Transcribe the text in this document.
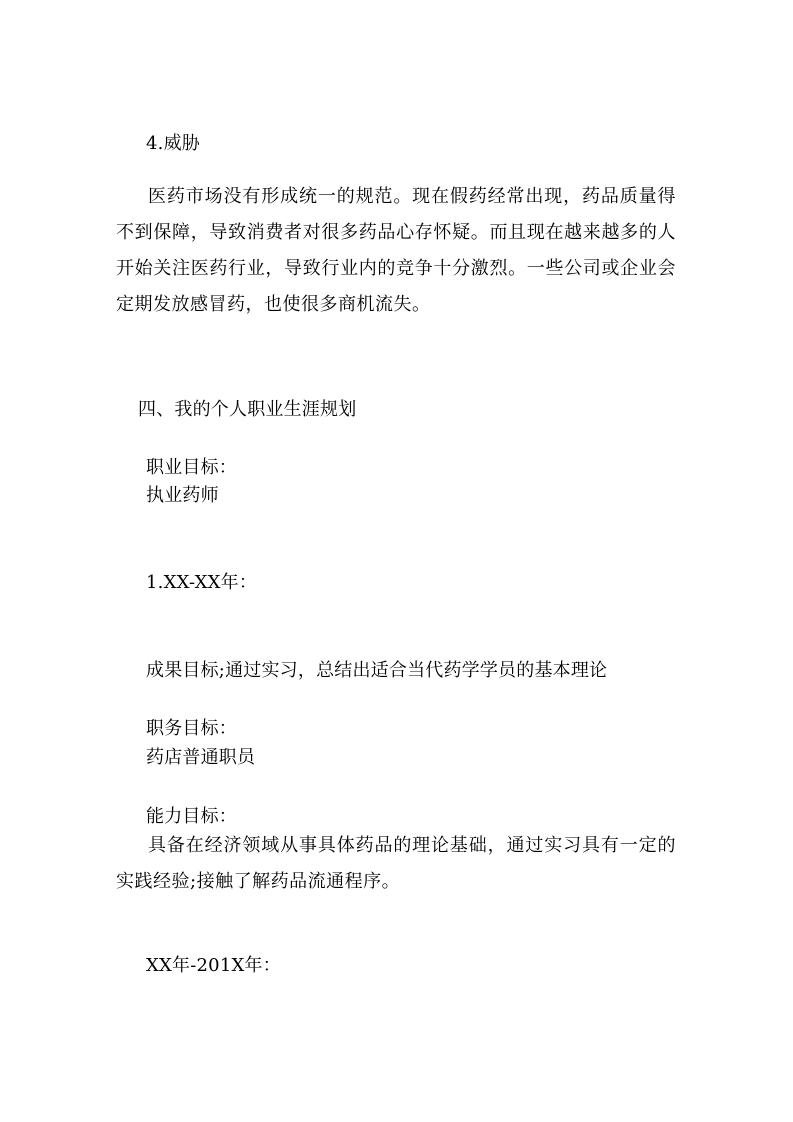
4.威胁
医药市场没有形成统一的规范。现在假药经常出现，药品质量得不到保障，导致消费者对很多药品心存怀疑。而且现在越来越多的人开始关注医药行业，导致行业内的竞争十分激烈。一些公司或企业会定期发放感冒药，也使很多商机流失。
四、我的个人职业生涯规划
职业目标：
执业药师
1.XX-XX年：
成果目标;通过实习，总结出适合当代药学学员的基本理论
职务目标：
药店普通职员
能力目标：
具备在经济领域从事具体药品的理论基础，通过实习具有一定的实践经验;接触了解药品流通程序。
XX年-201X年：
